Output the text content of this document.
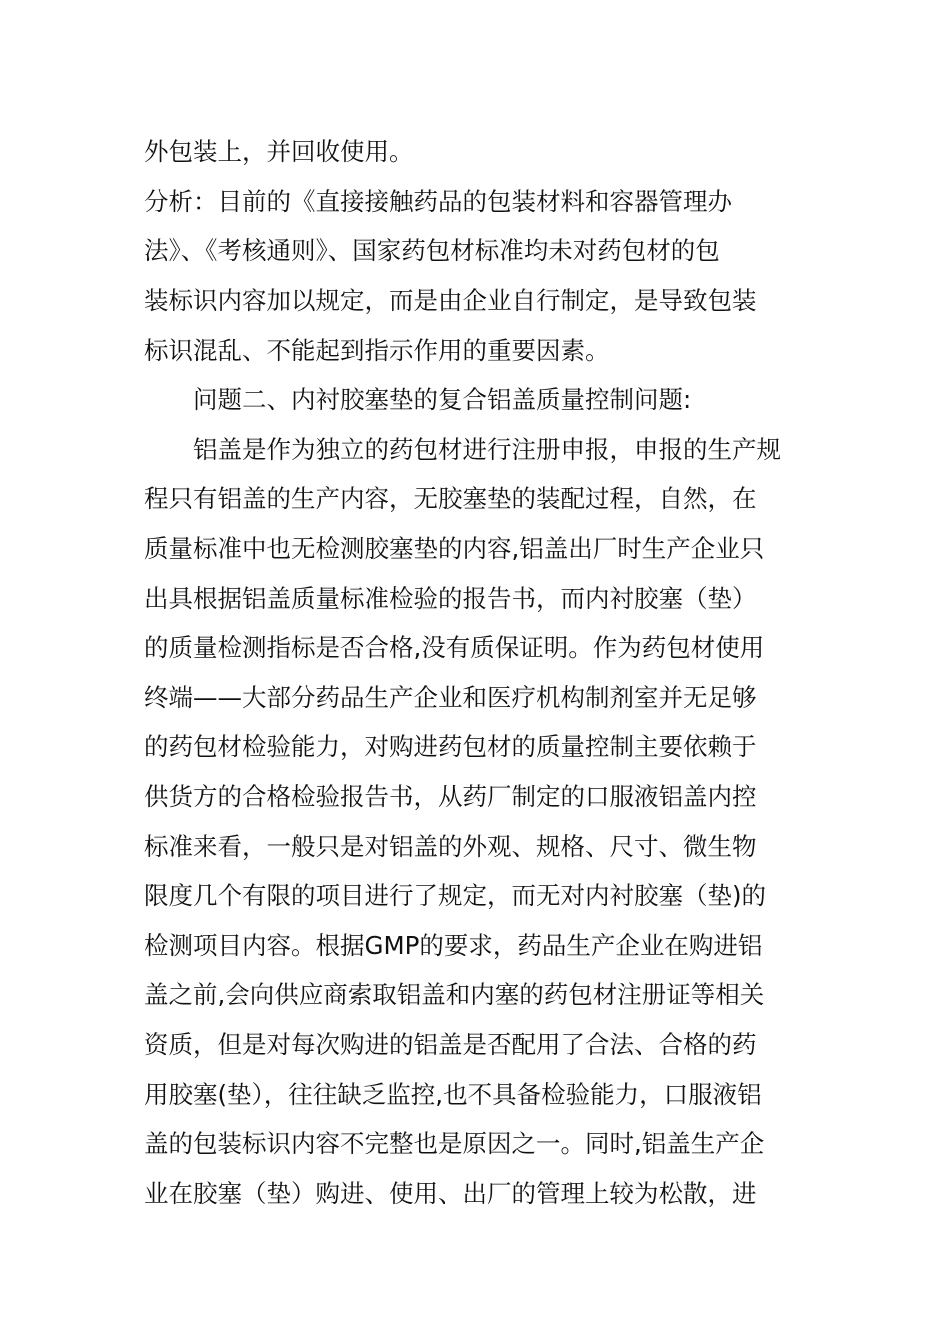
外包装上，并回收使用。
分析：目前的《直接接触药品的包装材料和容器管理办
法》、《考核通则》、国家药包材标准均未对药包材的包
装标识内容加以规定，而是由企业自行制定，是导致包装
标识混乱、不能起到指示作用的重要因素。
问题二、内衬胶塞垫的复合铝盖质量控制问题:
铝盖是作为独立的药包材进行注册申报，申报的生产规
程只有铝盖的生产内容，无胶塞垫的装配过程，自然，在
质量标准中也无检测胶塞垫的内容,铝盖出厂时生产企业只
出具根据铝盖质量标准检验的报告书，而内衬胶塞（垫）
的质量检测指标是否合格,没有质保证明。作为药包材使用
终端——大部分药品生产企业和医疗机构制剂室并无足够
的药包材检验能力，对购进药包材的质量控制主要依赖于
供货方的合格检验报告书，从药厂制定的口服液铝盖内控
标准来看，一般只是对铝盖的外观、规格、尺寸、微生物
限度几个有限的项目进行了规定，而无对内衬胶塞（垫)的
检测项目内容。根据GMP的要求，药品生产企业在购进铝
盖之前,会向供应商索取铝盖和内塞的药包材注册证等相关
资质，但是对每次购进的铝盖是否配用了合法、合格的药
用胶塞(垫），往往缺乏监控,也不具备检验能力，口服液铝
盖的包装标识内容不完整也是原因之一。同时,铝盖生产企
业在胶塞（垫）购进、使用、出厂的管理上较为松散，进
